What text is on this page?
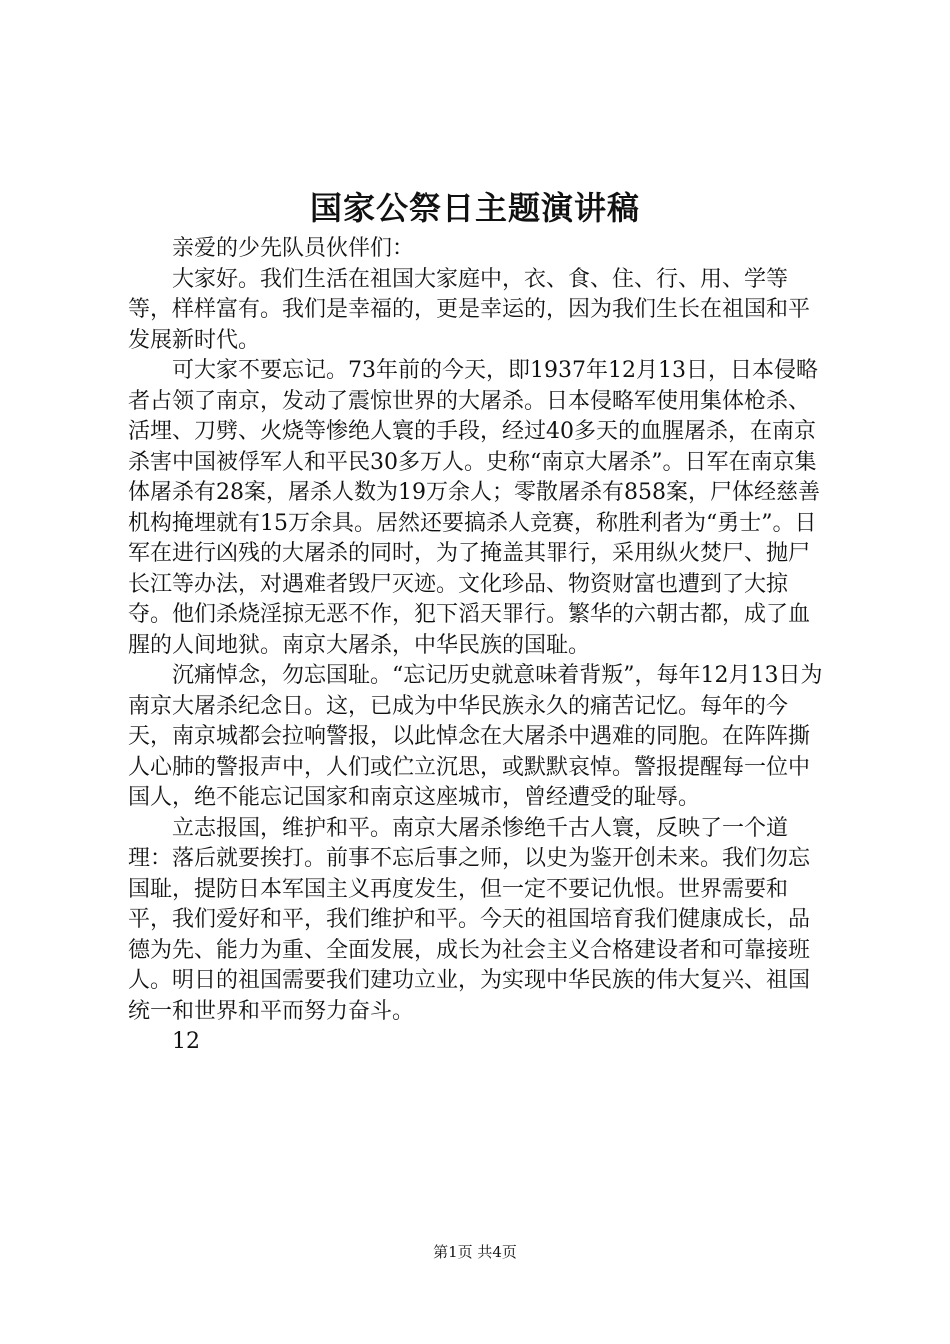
国家公祭日主题演讲稿

亲爱的少先队员伙伴们：

大家好。我们生活在祖国大家庭中，衣、食、住、行、用、学等等，样样富有。我们是幸福的，更是幸运的，因为我们生长在祖国和平发展新时代。

可大家不要忘记。73年前的今天，即1937年12月13日，日本侵略者占领了南京，发动了震惊世界的大屠杀。日本侵略军使用集体枪杀、活埋、刀劈、火烧等惨绝人寰的手段，经过40多天的血腥屠杀，在南京杀害中国被俘军人和平民30多万人。史称“南京大屠杀”。日军在南京集体屠杀有28案，屠杀人数为19万余人；零散屠杀有858案，尸体经慈善机构掩埋就有15万余具。居然还要搞杀人竞赛，称胜利者为“勇士”。日军在进行凶残的大屠杀的同时，为了掩盖其罪行，采用纵火焚尸、抛尸长江等办法，对遇难者毁尸灭迹。文化珍品、物资财富也遭到了大掠夺。他们杀烧淫掠无恶不作，犯下滔天罪行。繁华的六朝古都，成了血腥的人间地狱。南京大屠杀，中华民族的国耻。

沉痛悼念，勿忘国耻。“忘记历史就意味着背叛”，每年12月13日为南京大屠杀纪念日。这，已成为中华民族永久的痛苦记忆。每年的今天，南京城都会拉响警报，以此悼念在大屠杀中遇难的同胞。在阵阵撕人心肺的警报声中，人们或伫立沉思，或默默哀悼。警报提醒每一位中国人，绝不能忘记国家和南京这座城市，曾经遭受的耻辱。

立志报国，维护和平。南京大屠杀惨绝千古人寰，反映了一个道理：落后就要挨打。前事不忘后事之师，以史为鉴开创未来。我们勿忘国耻，提防日本军国主义再度发生，但一定不要记仇恨。世界需要和平，我们爱好和平，我们维护和平。今天的祖国培育我们健康成长，品德为先、能力为重、全面发展，成长为社会主义合格建设者和可靠接班人。明日的祖国需要我们建功立业，为实现中华民族的伟大复兴、祖国统一和世界和平而努力奋斗。

12

第1页 共4页
